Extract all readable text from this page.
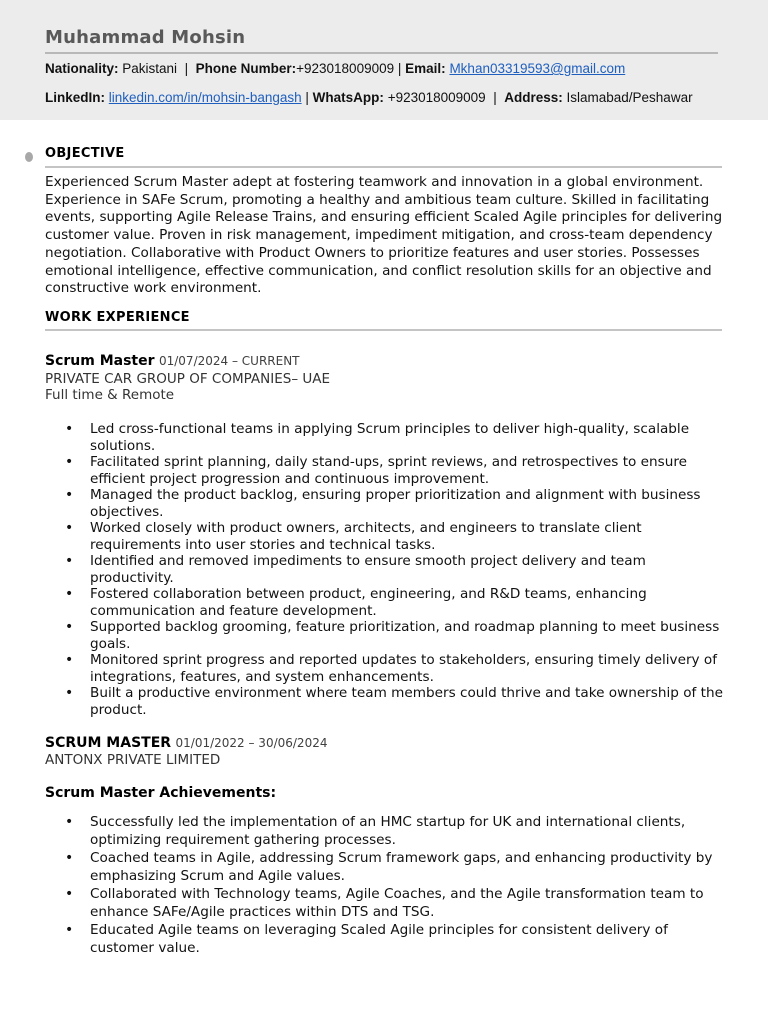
Muhammad Mohsin
Nationality: Pakistani | Phone Number:+923018009009 | Email: Mkhan03319593@gmail.com
LinkedIn: linkedin.com/in/mohsin-bangash | WhatsApp: +923018009009 | Address: Islamabad/Peshawar
OBJECTIVE
Experienced Scrum Master adept at fostering teamwork and innovation in a global environment. Experience in SAFe Scrum, promoting a healthy and ambitious team culture. Skilled in facilitating events, supporting Agile Release Trains, and ensuring efficient Scaled Agile principles for delivering customer value. Proven in risk management, impediment mitigation, and cross-team dependency negotiation. Collaborative with Product Owners to prioritize features and user stories. Possesses emotional intelligence, effective communication, and conflict resolution skills for an objective and constructive work environment.
WORK EXPERIENCE
Scrum Master 01/07/2024 – CURRENT
PRIVATE CAR GROUP OF COMPANIES– UAE
Full time & Remote
• Led cross-functional teams in applying Scrum principles to deliver high-quality, scalable solutions.
• Facilitated sprint planning, daily stand-ups, sprint reviews, and retrospectives to ensure efficient project progression and continuous improvement.
• Managed the product backlog, ensuring proper prioritization and alignment with business objectives.
• Worked closely with product owners, architects, and engineers to translate client requirements into user stories and technical tasks.
• Identified and removed impediments to ensure smooth project delivery and team productivity.
• Fostered collaboration between product, engineering, and R&D teams, enhancing communication and feature development.
• Supported backlog grooming, feature prioritization, and roadmap planning to meet business goals.
• Monitored sprint progress and reported updates to stakeholders, ensuring timely delivery of integrations, features, and system enhancements.
• Built a productive environment where team members could thrive and take ownership of the product.
SCRUM MASTER 01/01/2022 – 30/06/2024
ANTONX PRIVATE LIMITED
Scrum Master Achievements:
• Successfully led the implementation of an HMC startup for UK and international clients, optimizing requirement gathering processes.
• Coached teams in Agile, addressing Scrum framework gaps, and enhancing productivity by emphasizing Scrum and Agile values.
• Collaborated with Technology teams, Agile Coaches, and the Agile transformation team to enhance SAFe/Agile practices within DTS and TSG.
• Educated Agile teams on leveraging Scaled Agile principles for consistent delivery of customer value.
